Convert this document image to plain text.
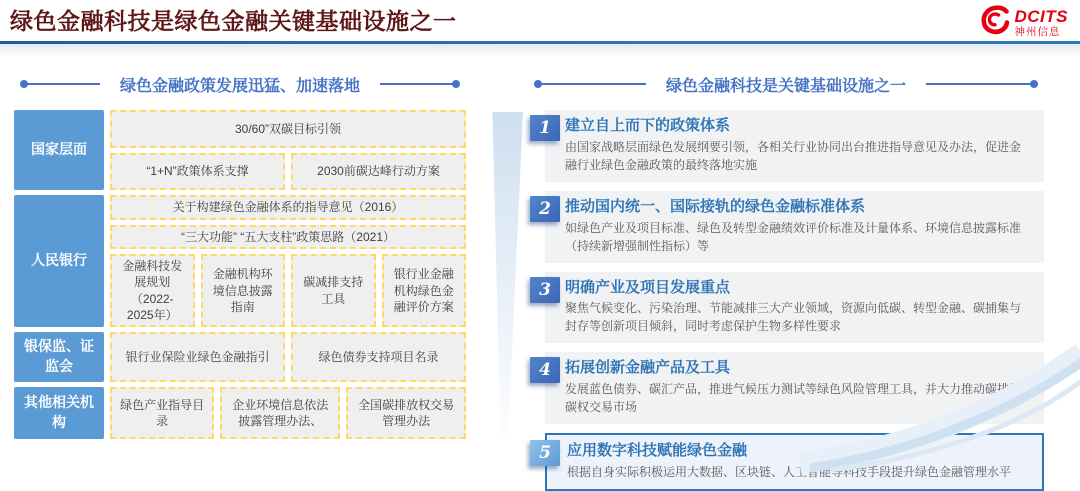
绿色金融科技是绿色金融关键基础设施之一	DCITS
神州信息
绿色金融政策发展迅猛、加速落地
国家层面
30/60”双碳目标引领
“1+N”政策体系支撑	2030前碳达峰行动方案
人民银行
关于构建绿色金融体系的指导意见（2016）
“三大功能” “五大支柱”政策思路（2021）
金融科技发展规划（2022-2025年）
金融机构环境信息披露指南
碳减排支持工具
银行业金融机构绿色金融评价方案
银保监、证监会
银行业保险业绿色金融指引	绿色债券支持项目名录
其他相关机构
绿色产业指导目录
企业环境信息依法披露管理办法、
全国碳排放权交易管理办法
绿色金融科技是关键基础设施之一
1 建立自上而下的政策体系
由国家战略层面绿色发展纲要引领，各相关行业协同出台推进指导意见及办法，促进金融行业绿色金融政策的最终落地实施
2 推动国内统一、国际接轨的绿色金融标准体系
如绿色产业及项目标准、绿色及转型金融绩效评价标准及计量体系、环境信息披露标准（持续新增强制性指标）等
3 明确产业及项目发展重点
聚焦气候变化、污染治理、节能减排三大产业领域，资源向低碳、转型金融、碳捕集与封存等创新项目倾斜，同时考虑保护生物多样性要求
4 拓展创新金融产品及工具
发展蓝色债券、碳汇产品，推进气候压力测试等绿色风险管理工具，并大力推动碳排放碳权交易市场
5	应用数字科技赋能绿色金融
根据自身实际积极运用大数据、区块链、人工智能等科技手段提升绿色金融管理水平
